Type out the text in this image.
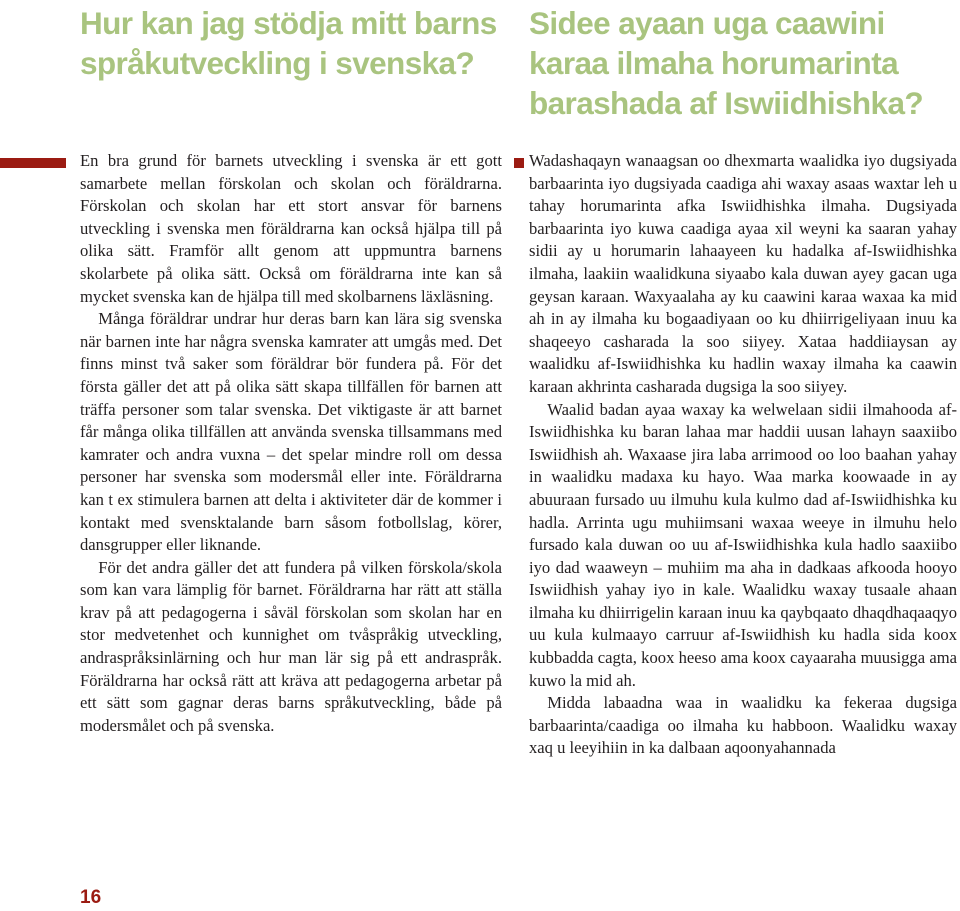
Hur kan jag stödja mitt barns språkutveckling i svenska?

En bra grund för barnets utveckling i svenska är ett gott samarbete mellan förskolan och skolan och föräldrarna. Förskolan och skolan har ett stort ansvar för barnens utveckling i svenska men föräldrarna kan också hjälpa till på olika sätt. Framför allt genom att uppmuntra barnens skolarbete på olika sätt. Också om föräldrarna inte kan så mycket svenska kan de hjälpa till med skolbarnens läxläsning.

Många föräldrar undrar hur deras barn kan lära sig svenska när barnen inte har några svenska kamrater att umgås med. Det finns minst två saker som föräldrar bör fundera på. För det första gäller det att på olika sätt skapa tillfällen för barnen att träffa personer som talar svenska. Det viktigaste är att barnet får många olika tillfällen att använda svenska tillsammans med kamrater och andra vuxna – det spelar mindre roll om dessa personer har svenska som modersmål eller inte. Föräldrarna kan t ex stimulera barnen att delta i aktiviteter där de kommer i kontakt med svensktalande barn såsom fotbollslag, körer, dansgrupper eller liknande.

För det andra gäller det att fundera på vilken förskola/skola som kan vara lämplig för barnet. Föräldrarna har rätt att ställa krav på att pedagogerna i såväl förskolan som skolan har en stor medvetenhet och kunnighet om tvåspråkig utveckling, andraspråksinlärning och hur man lär sig på ett andraspråk. Föräldrarna har också rätt att kräva att pedagogerna arbetar på ett sätt som gagnar deras barns språkutveckling, både på modersmålet och på svenska.

Sidee ayaan uga caawini karaa ilmaha horumarinta barashada af Iswiidhishka?

Wadashaqayn wanaagsan oo dhexmarta waalidka iyo dugsiyada barbaarinta iyo dugsiyada caadiga ahi waxay asaas waxtar leh u tahay horumarinta afka Iswiidhishka ilmaha. Dugsiyada barbaarinta iyo kuwa caadiga ayaa xil weyni ka saaran yahay sidii ay u horumarin lahaayeen ku hadalka af-Iswiidhishka ilmaha, laakiin waalidkuna siyaabo kala duwan ayey gacan uga geysan karaan. Waxyaalaha ay ku caawini karaa waxaa ka mid ah in ay ilmaha ku bogaadiyaan oo ku dhiirrigeliyaan inuu ka shaqeeyo casharada la soo siiyey. Xataa haddiiaysan ay waalidku af-Iswiidhishka ku hadlin waxay ilmaha ka caawin karaan akhrinta casharada dugsiga la soo siiyey.

Waalid badan ayaa waxay ka welwelaan sidii ilmahooda af-Iswiidhishka ku baran lahaa mar haddii uusan lahayn saaxiibo Iswiidhish ah. Waxaase jira laba arrimood oo loo baahan yahay in waalidku madaxa ku hayo. Waa marka koowaade in ay abuuraan fursado uu ilmuhu kula kulmo dad af-Iswiidhishka ku hadla. Arrinta ugu muhiimsani waxaa weeye in ilmuhu helo fursado kala duwan oo uu af-Iswiidhishka kula hadlo saaxiibo iyo dad waaweyn – muhiim ma aha in dadkaas afkooda hooyo Iswiidhish yahay iyo in kale. Waalidku waxay tusaale ahaan ilmaha ku dhiirrigelin karaan inuu ka qaybqaato dhaqdhaqaaqyo uu kula kulmaayo carruur af-Iswiidhish ku hadla sida koox kubbadda cagta, koox heeso ama koox cayaaraha muusigga ama kuwo la mid ah.

Midda labaadna waa in waalidku ka fekeraa dugsiga barbaarinta/caadiga oo ilmaha ku habboon. Waalidku waxay xaq u leeyihiin in ka dalbaan aqoonyahannada

16
